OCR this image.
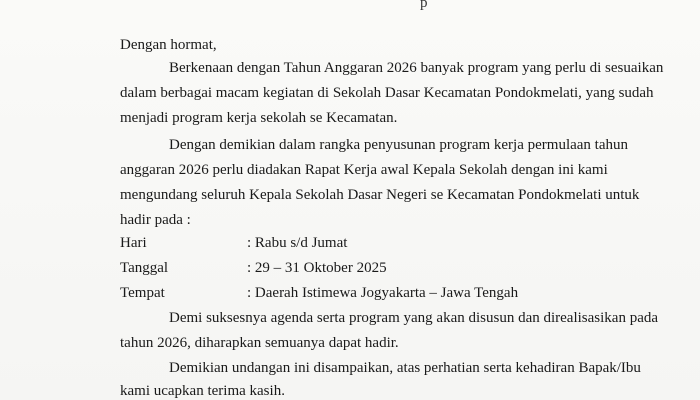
p
Dengan hormat,
Berkenaan dengan Tahun Anggaran 2026 banyak program yang perlu di sesuaikan
dalam berbagai macam kegiatan di Sekolah Dasar Kecamatan Pondokmelati, yang sudah
menjadi program kerja sekolah se Kecamatan.
Dengan demikian dalam rangka penyusunan program kerja permulaan tahun
anggaran 2026 perlu diadakan Rapat Kerja awal Kepala Sekolah dengan ini kami
mengundang seluruh Kepala Sekolah Dasar Negeri se Kecamatan Pondokmelati untuk
hadir pada :
Hari	: Rabu s/d Jumat
Tanggal	: 29 – 31 Oktober 2025
Tempat	: Daerah Istimewa Jogyakarta – Jawa Tengah
Demi suksesnya agenda serta program yang akan disusun dan direalisasikan pada
tahun 2026, diharapkan semuanya dapat hadir.
Demikian undangan ini disampaikan, atas perhatian serta kehadiran Bapak/Ibu
kami ucapkan terima kasih.
